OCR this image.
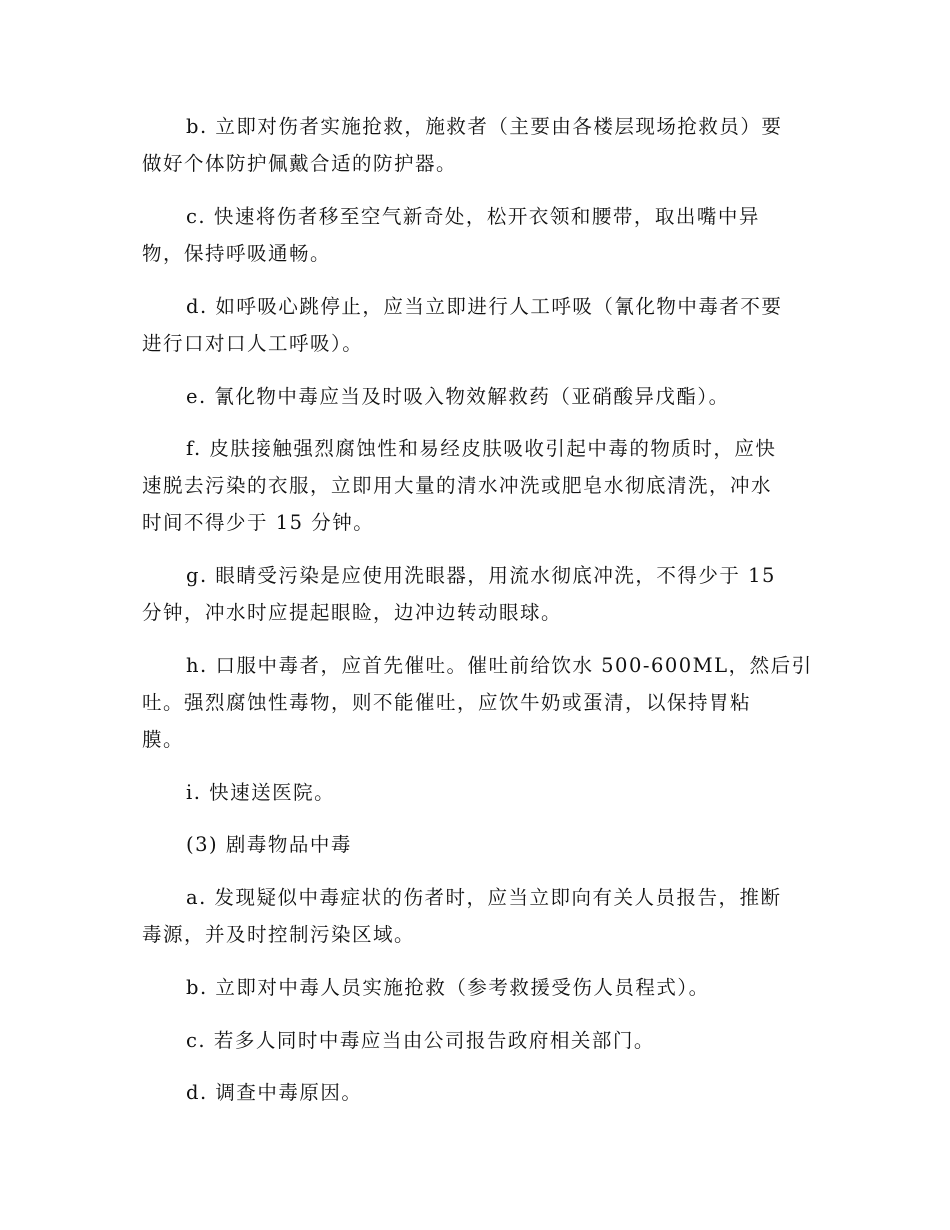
b. 立即对伤者实施抢救，施救者（主要由各楼层现场抢救员）要
做好个体防护佩戴合适的防护器。
c. 快速将伤者移至空气新奇处，松开衣领和腰带，取出嘴中异
物，保持呼吸通畅。
d. 如呼吸心跳停止，应当立即进行人工呼吸（氰化物中毒者不要
进行口对口人工呼吸）。
e. 氰化物中毒应当及时吸入物效解救药（亚硝酸异戊酯）。
f. 皮肤接触强烈腐蚀性和易经皮肤吸收引起中毒的物质时，应快
速脱去污染的衣服，立即用大量的清水冲洗或肥皂水彻底清洗，冲水
时间不得少于 15 分钟。
g. 眼睛受污染是应使用洗眼器，用流水彻底冲洗，不得少于 15
分钟，冲水时应提起眼睑，边冲边转动眼球。
h. 口服中毒者，应首先催吐。催吐前给饮水 500-600ML，然后引
吐。强烈腐蚀性毒物，则不能催吐，应饮牛奶或蛋清，以保持胃粘
膜。
i. 快速送医院。
(3) 剧毒物品中毒
a. 发现疑似中毒症状的伤者时，应当立即向有关人员报告，推断
毒源，并及时控制污染区域。
b. 立即对中毒人员实施抢救（参考救援受伤人员程式）。
c. 若多人同时中毒应当由公司报告政府相关部门。
d. 调查中毒原因。
